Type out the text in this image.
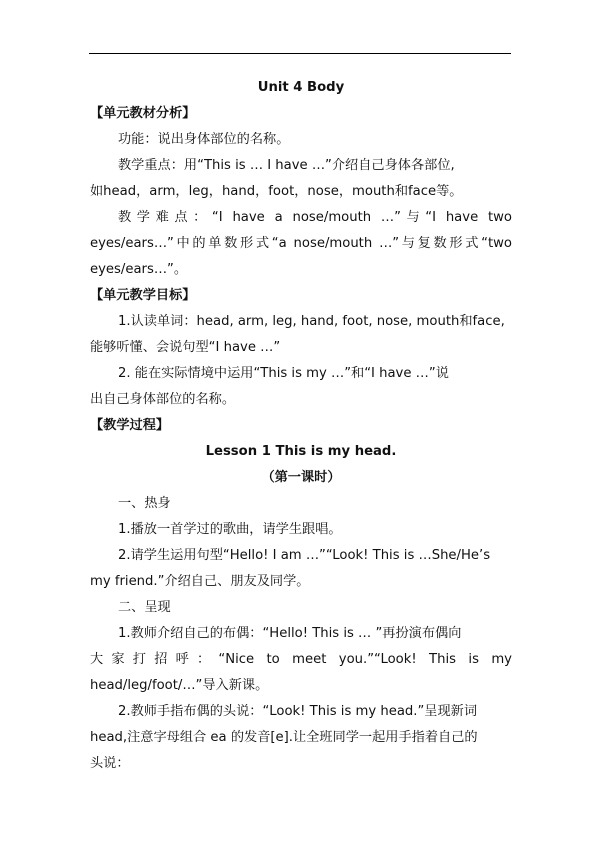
Unit 4 Body
【单元教材分析】
功能：说出身体部位的名称。
教学重点：用“This is … I have …”介绍自己身体各部位,
如head，arm，leg，hand，foot，nose，mouth和face等。
教学难点：“I have a nose/mouth …”与“I have two
eyes/ears…”中的单数形式“a nose/mouth …”与复数形式“two
eyes/ears…”。
【单元教学目标】
1.认读单词：head, arm, leg, hand, foot, nose, mouth和face,
能够听懂、会说句型“I have …”
2. 能在实际情境中运用“This is my …”和“I have …”说
出自己身体部位的名称。
【教学过程】
Lesson 1 This is my head.
（第一课时）
一、热身
1.播放一首学过的歌曲，请学生跟唱。
2.请学生运用句型“Hello! I am …”“Look! This is …She/He’s
my friend.”介绍自己、朋友及同学。
二、呈现
1.教师介绍自己的布偶：“Hello! This is … ”再扮演布偶向
大家打招呼：“Nice to meet you.”“Look! This is my
head/leg/foot/…”导入新课。
2.教师手指布偶的头说：“Look! This is my head.”呈现新词
head,注意字母组合 ea 的发音[e].让全班同学一起用手指着自己的
头说：
